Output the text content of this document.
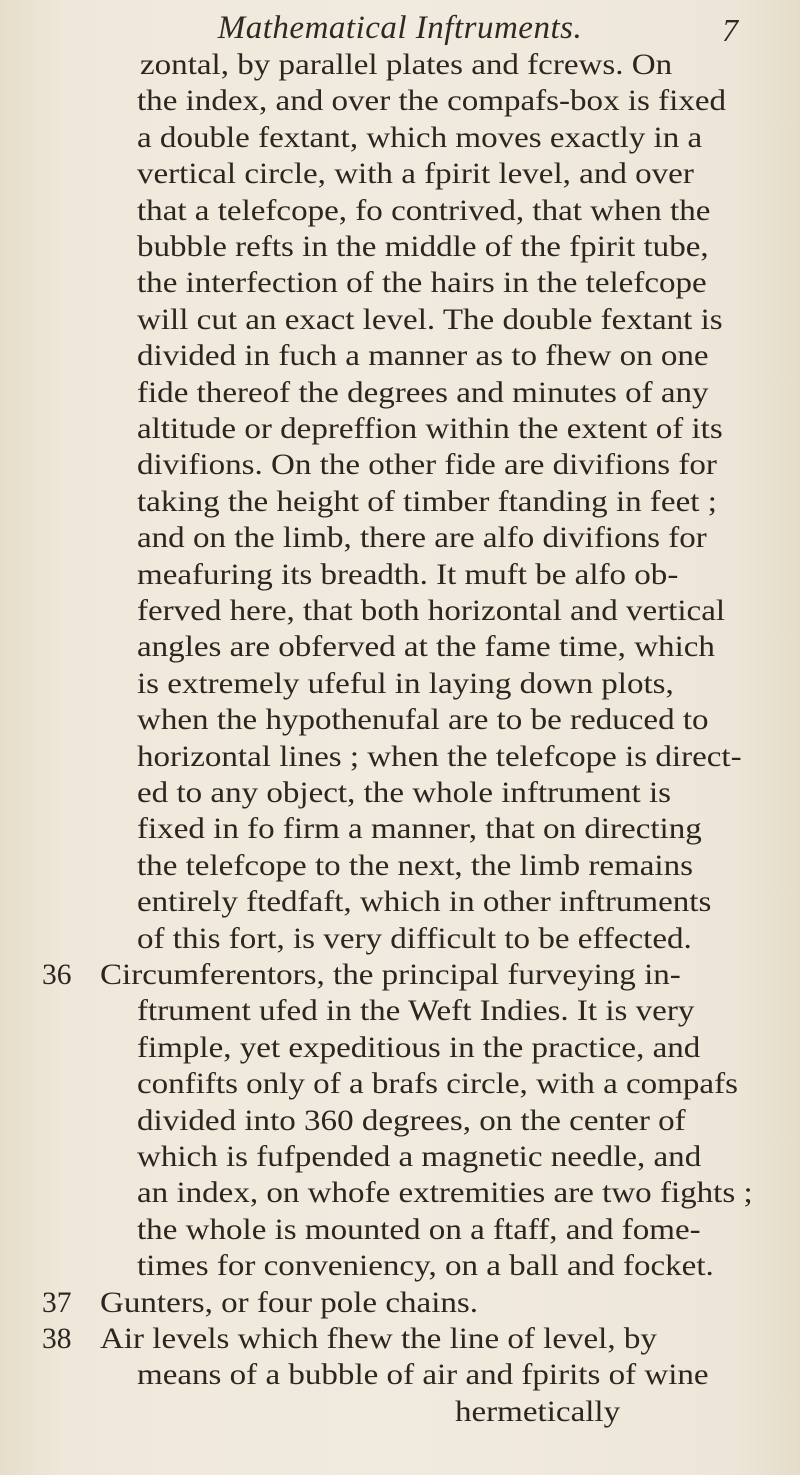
Mathematical Inftruments.	7
zontal, by parallel plates and fcrews. On
the index, and over the compafs-box is fixed
a double fextant, which moves exactly in a
vertical circle, with a fpirit level, and over
that a telefcope, fo contrived, that when the
bubble refts in the middle of the fpirit tube,
the interfection of the hairs in the telefcope
will cut an exact level. The double fextant is
divided in fuch a manner as to fhew on one
fide thereof the degrees and minutes of any
altitude or depreffion within the extent of its
divifions. On the other fide are divifions for
taking the height of timber ftanding in feet ;
and on the limb, there are alfo divifions for
meafuring its breadth. It muft be alfo ob-
ferved here, that both horizontal and vertical
angles are obferved at the fame time, which
is extremely ufeful in laying down plots,
when the hypothenufal are to be reduced to
horizontal lines ; when the telefcope is direct-
ed to any object, the whole inftrument is
fixed in fo firm a manner, that on directing
the telefcope to the next, the limb remains
entirely ftedfaft, which in other inftruments
of this fort, is very difficult to be effected.
36 Circumferentors, the principal furveying in-
ftrument ufed in the Weft Indies. It is very
fimple, yet expeditious in the practice, and
confifts only of a brafs circle, with a compafs
divided into 360 degrees, on the center of
which is fufpended a magnetic needle, and
an index, on whofe extremities are two fights ;
the whole is mounted on a ftaff, and fome-
times for conveniency, on a ball and focket.
37 Gunters, or four pole chains.
38 Air levels which fhew the line of level, by
means of a bubble of air and fpirits of wine
hermetically
